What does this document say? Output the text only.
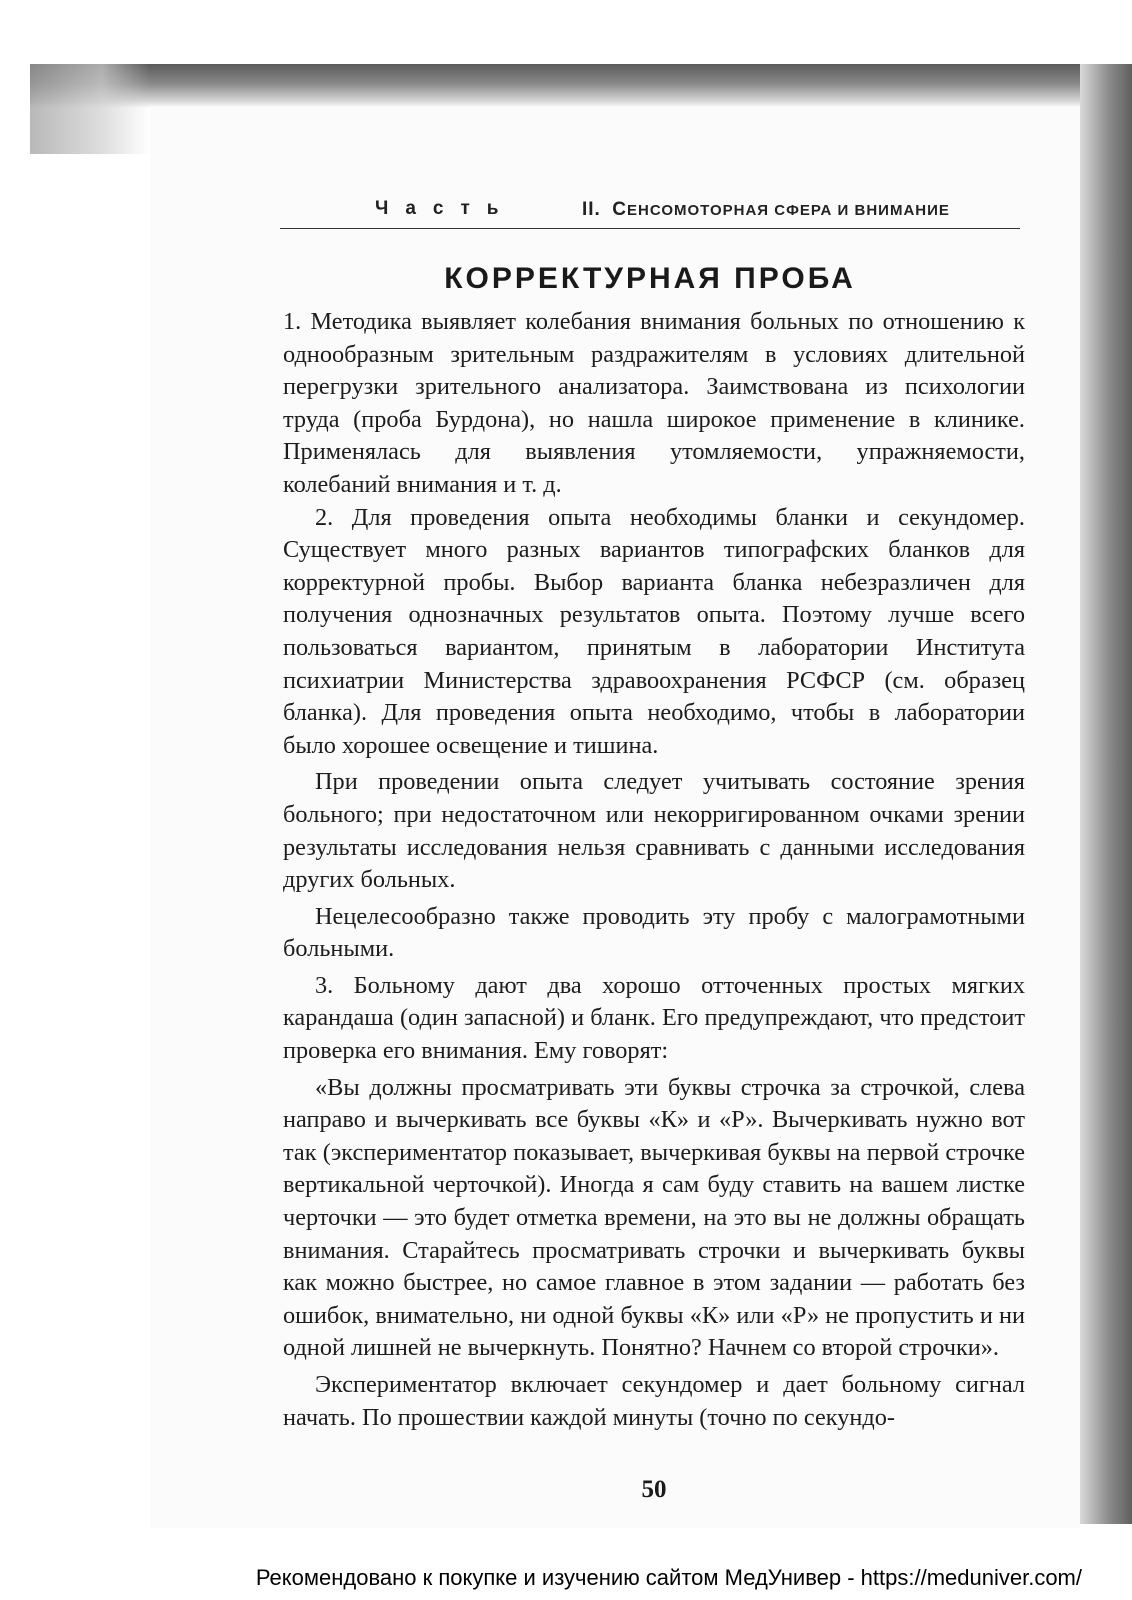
Часть	II. СЕНСОМОТОРНАЯ СФЕРА И ВНИМАНИЕ
КОРРЕКТУРНАЯ ПРОБА

1. Методика выявляет колебания внимания больных по отношению к однообразным зрительным раздражителям в условиях длительной перегрузки зрительного анализатора. Заимствована из психологии труда (проба Бурдона), но нашла широкое применение в клинике. Применялась для выявления утомляемости, упражняемости, колебаний внимания и т. д.

2. Для проведения опыта необходимы бланки и секундомер. Существует много разных вариантов типографских бланков для корректурной пробы. Выбор варианта бланка небезразличен для получения однозначных результатов опыта. Поэтому лучше всего пользоваться вариантом, принятым в лаборатории Института психиатрии Министерства здравоохранения РСФСР (см. образец бланка). Для проведения опыта необходимо, чтобы в лаборатории было хорошее освещение и тишина.

При проведении опыта следует учитывать состояние зрения больного; при недостаточном или некорригированном очками зрении результаты исследования нельзя сравнивать с данными исследования других больных.

Нецелесообразно также проводить эту пробу с малограмотными больными.

3. Больному дают два хорошо отточенных простых мягких карандаша (один запасной) и бланк. Его предупреждают, что предстоит проверка его внимания. Ему говорят:

«Вы должны просматривать эти буквы строчка за строчкой, слева направо и вычеркивать все буквы «К» и «Р». Вычеркивать нужно вот так (экспериментатор показывает, вычеркивая буквы на первой строчке вертикальной черточкой). Иногда я сам буду ставить на вашем листке черточки — это будет отметка времени, на это вы не должны обращать внимания. Старайтесь просматривать строчки и вычеркивать буквы как можно быстрее, но самое главное в этом задании — работать без ошибок, внимательно, ни одной буквы «К» или «Р» не пропустить и ни одной лишней не вычеркнуть. Понятно? Начнем со второй строчки».

Экспериментатор включает секундомер и дает больному сигнал начать. По прошествии каждой минуты (точно по секундо-

50
Рекомендовано к покупке и изучению сайтом МедУнивер - https://meduniver.com/
